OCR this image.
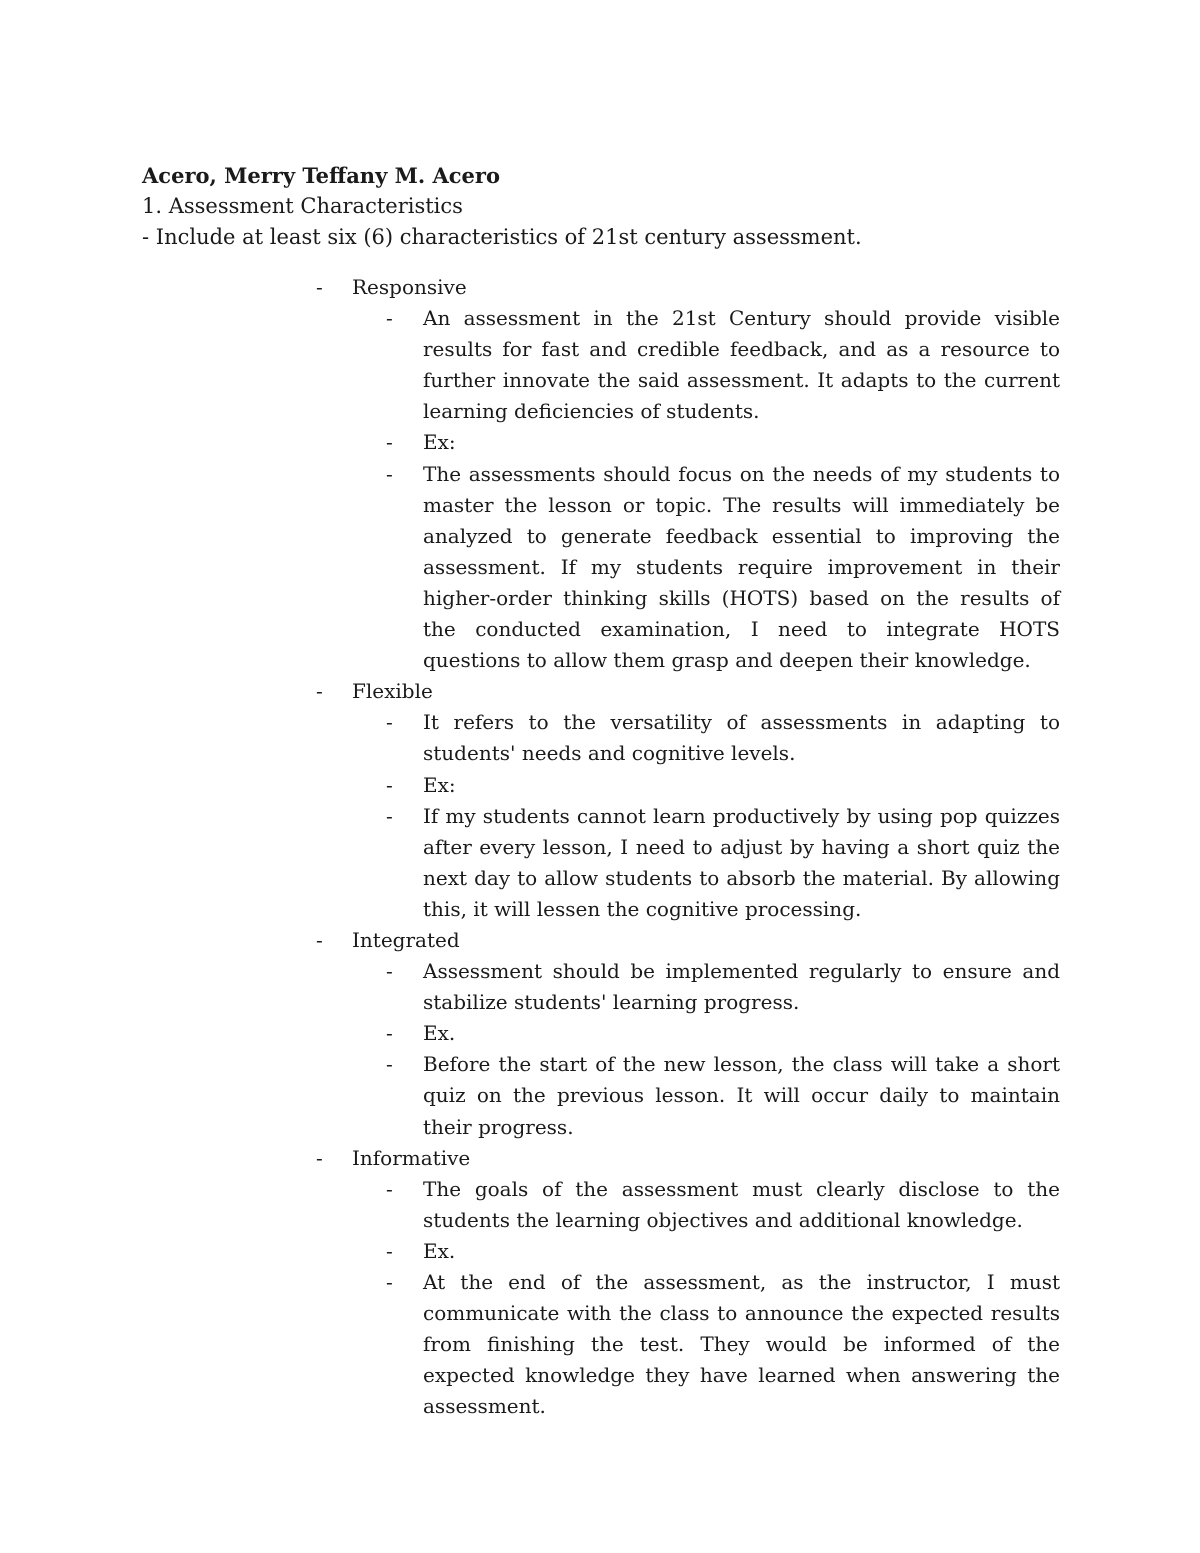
Acero, Merry Teffany M. Acero
1. Assessment Characteristics
- Include at least six (6) characteristics of 21st century assessment.
- Responsive
- An assessment in the 21st Century should provide visible results for fast and credible feedback, and as a resource to further innovate the said assessment. It adapts to the current learning deficiencies of students.
- Ex:
- The assessments should focus on the needs of my students to master the lesson or topic. The results will immediately be analyzed to generate feedback essential to improving the assessment. If my students require improvement in their higher-order thinking skills (HOTS) based on the results of the conducted examination, I need to integrate HOTS questions to allow them grasp and deepen their knowledge.
- Flexible
- It refers to the versatility of assessments in adapting to students' needs and cognitive levels.
- Ex:
- If my students cannot learn productively by using pop quizzes after every lesson, I need to adjust by having a short quiz the next day to allow students to absorb the material. By allowing this, it will lessen the cognitive processing.
- Integrated
- Assessment should be implemented regularly to ensure and stabilize students' learning progress.
- Ex.
- Before the start of the new lesson, the class will take a short quiz on the previous lesson. It will occur daily to maintain their progress.
- Informative
- The goals of the assessment must clearly disclose to the students the learning objectives and additional knowledge.
- Ex.
- At the end of the assessment, as the instructor, I must communicate with the class to announce the expected results from finishing the test. They would be informed of the expected knowledge they have learned when answering the assessment.
